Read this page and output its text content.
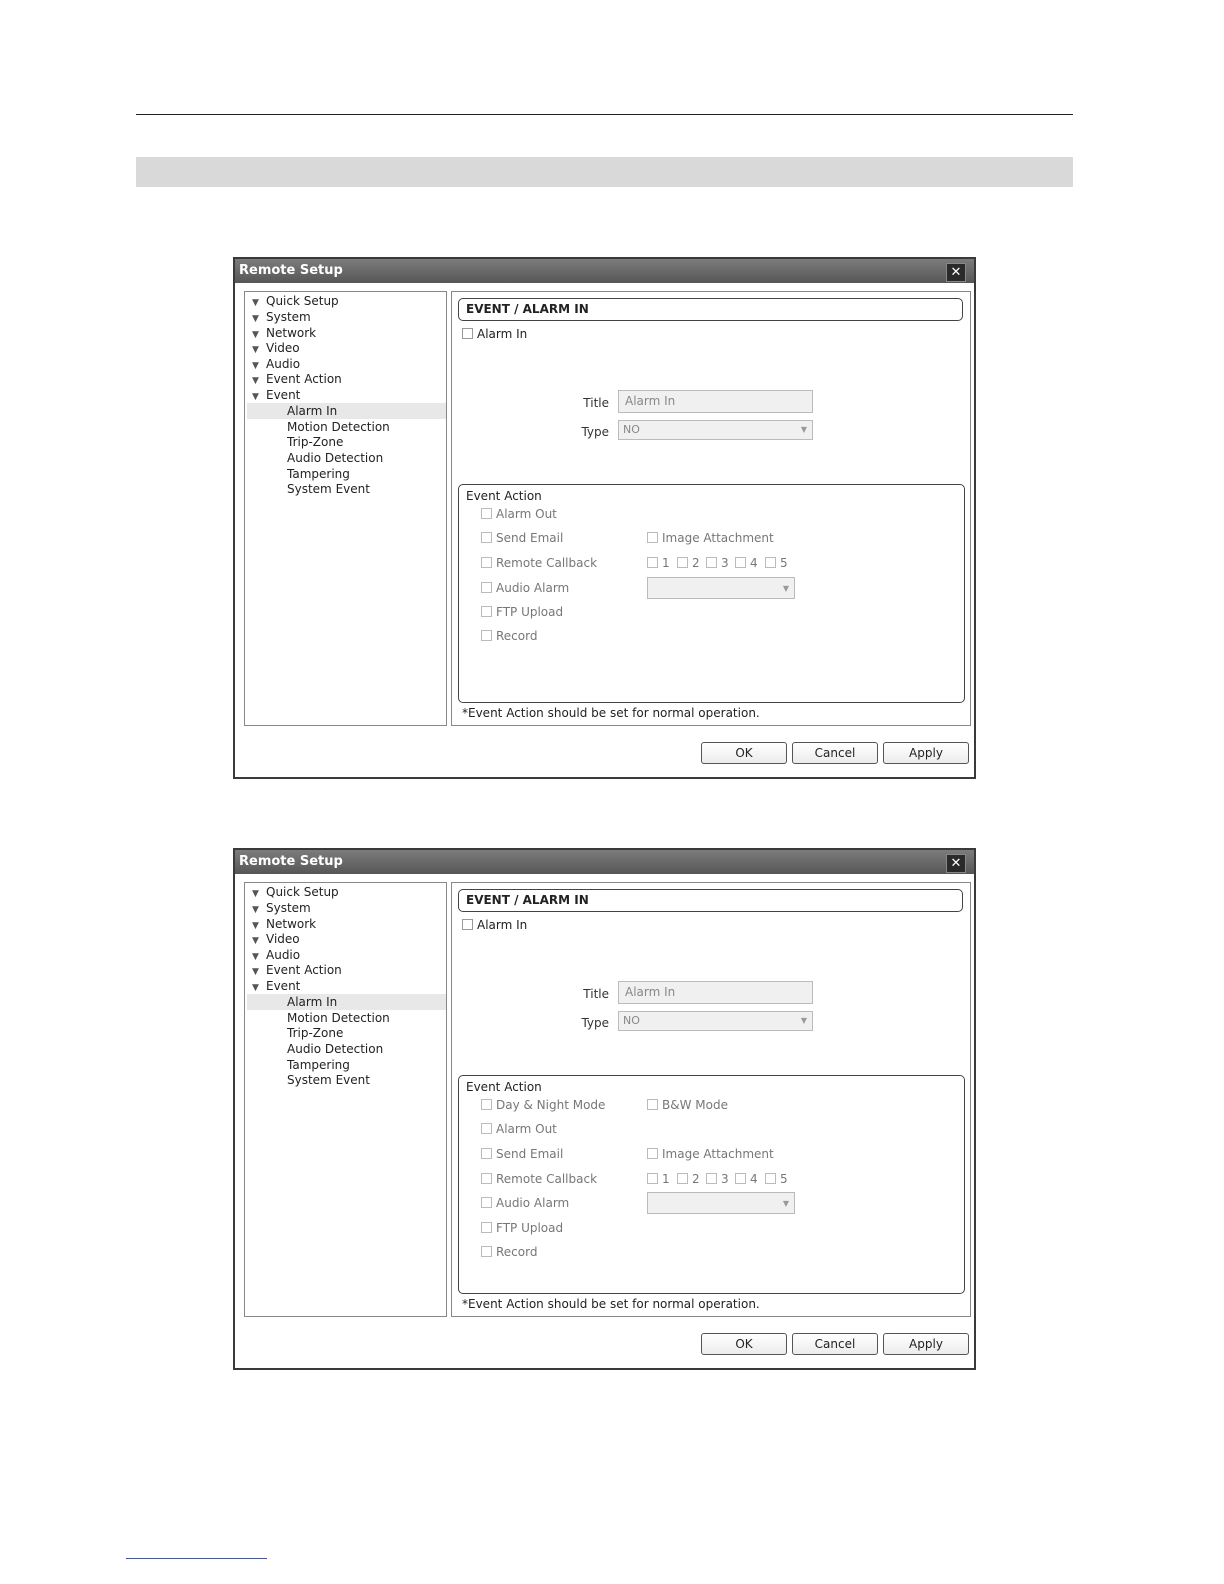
Remote Setup	✕
▼ Quick Setup
▼ System
▼ Network
▼ Video
▼ Audio
▼ Event Action
▼ Event
Alarm In
Motion Detection
Trip-Zone
Audio Detection
Tampering
System Event
EVENT / ALARM IN
Alarm In
Title	Alarm In
Type	NO	▼
Event Action
Alarm Out
Send Email	Image Attachment
Remote Callback	1	2	3	4	5
Audio Alarm	▼
FTP Upload
Record
*Event Action should be set for normal operation.
OK	Cancel	Apply
Remote Setup	✕
▼ Quick Setup
▼ System
▼ Network
▼ Video
▼ Audio
▼ Event Action
▼ Event
Alarm In
Motion Detection
Trip-Zone
Audio Detection
Tampering
System Event
EVENT / ALARM IN
Alarm In
Title	Alarm In
Type	NO	▼
Event Action
Day & Night Mode	B&W Mode
Alarm Out
Send Email	Image Attachment
Remote Callback	1	2	3	4	5
Audio Alarm	▼
FTP Upload
Record
*Event Action should be set for normal operation.
OK	Cancel	Apply
